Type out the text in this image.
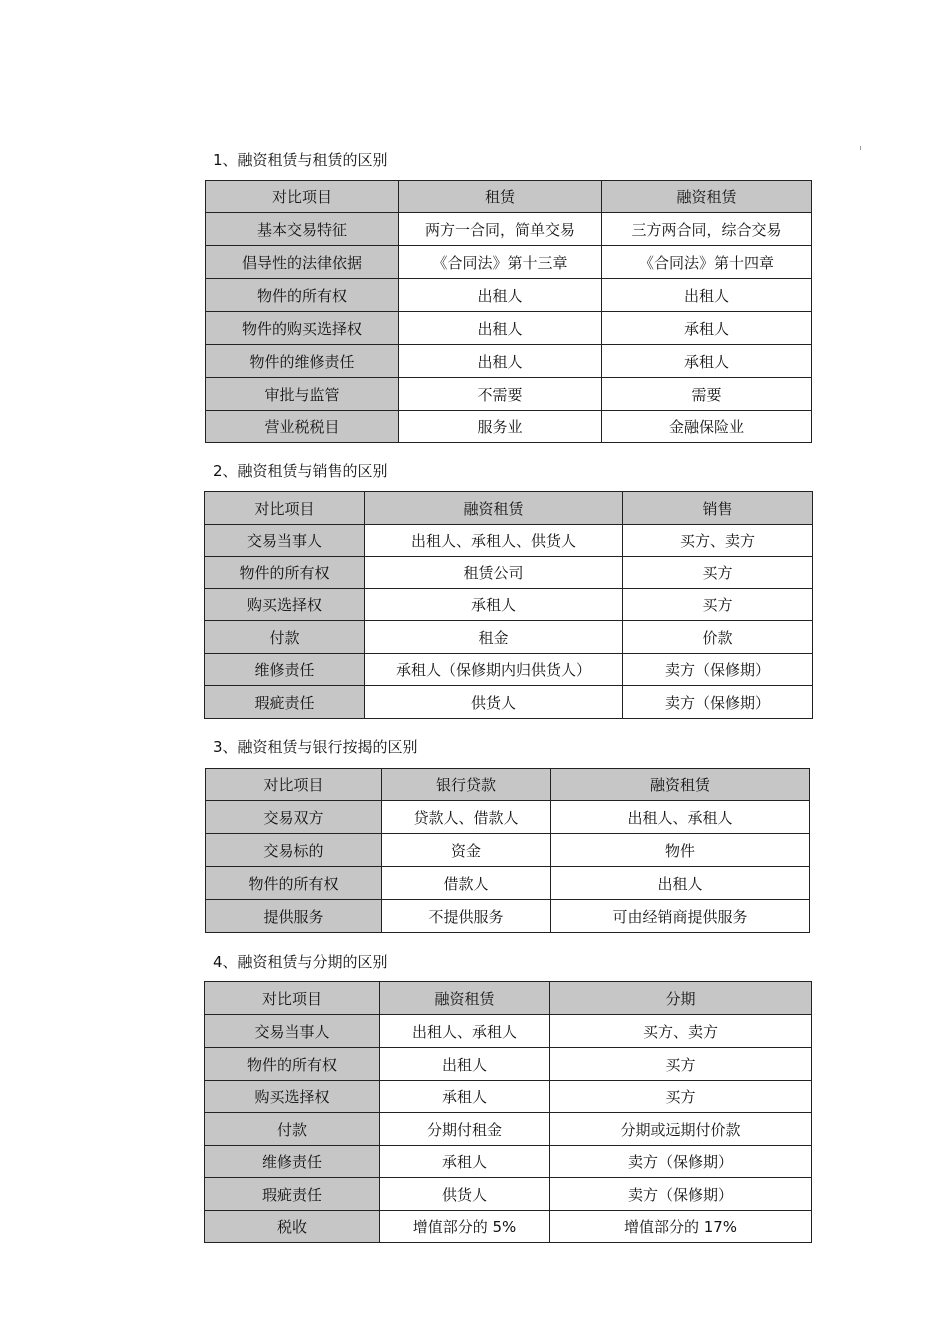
1、融资租赁与租赁的区别
对比项目	租赁	融资租赁
基本交易特征	两方一合同，简单交易	三方两合同，综合交易
倡导性的法律依据	《合同法》第十三章	《合同法》第十四章
物件的所有权	出租人	出租人
物件的购买选择权	出租人	承租人
物件的维修责任	出租人	承租人
审批与监管	不需要	需要
营业税税目	服务业	金融保险业
2、融资租赁与销售的区别
对比项目	融资租赁	销售
交易当事人	出租人、承租人、供货人	买方、卖方
物件的所有权	租赁公司	买方
购买选择权	承租人	买方
付款	租金	价款
维修责任	承租人（保修期内归供货人）	卖方（保修期）
瑕疵责任	供货人	卖方（保修期）
3、融资租赁与银行按揭的区别
对比项目	银行贷款	融资租赁
交易双方	贷款人、借款人	出租人、承租人
交易标的	资金	物件
物件的所有权	借款人	出租人
提供服务	不提供服务	可由经销商提供服务
4、融资租赁与分期的区别
对比项目	融资租赁	分期
交易当事人	出租人、承租人	买方、卖方
物件的所有权	出租人	买方
购买选择权	承租人	买方
付款	分期付租金	分期或远期付价款
维修责任	承租人	卖方（保修期）
瑕疵责任	供货人	卖方（保修期）
税收	增值部分的 5%	增值部分的 17%
